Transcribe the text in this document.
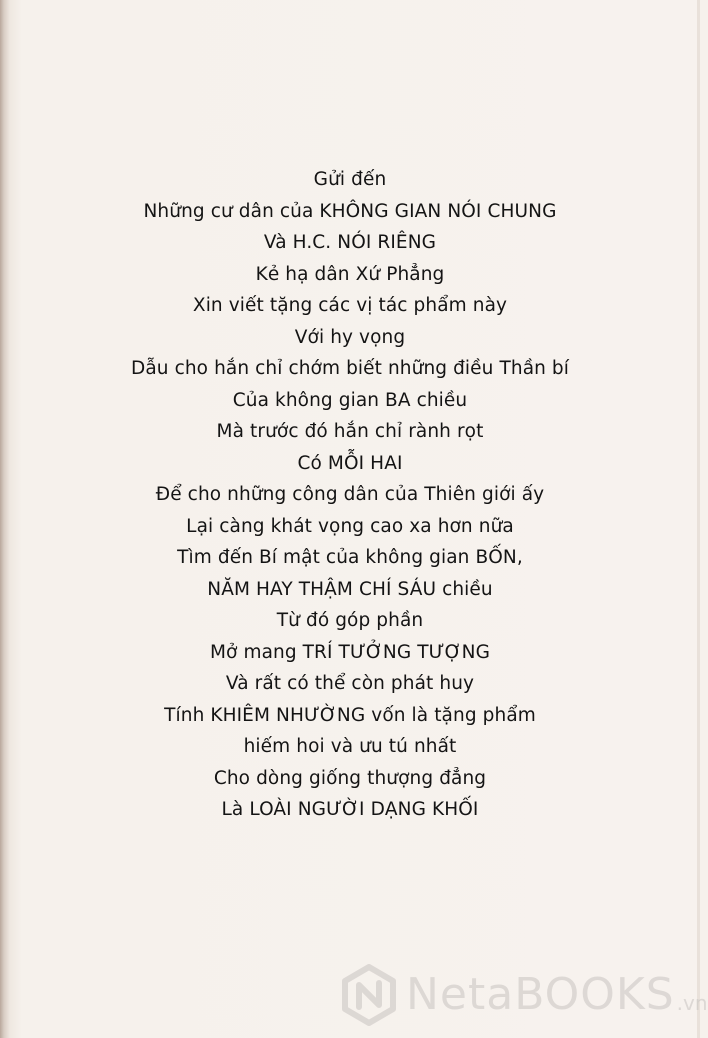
Gửi đến
Những cư dân của KHÔNG GIAN NÓI CHUNG
Và H.C. NÓI RIÊNG
Kẻ hạ dân Xứ Phẳng
Xin viết tặng các vị tác phẩm này
Với hy vọng
Dẫu cho hắn chỉ chớm biết những điều Thần bí
Của không gian BA chiều
Mà trước đó hắn chỉ rành rọt
Có MỖI HAI
Để cho những công dân của Thiên giới ấy
Lại càng khát vọng cao xa hơn nữa
Tìm đến Bí mật của không gian BỐN,
NĂM HAY THẬM CHÍ SÁU chiều
Từ đó góp phần
Mở mang TRÍ TƯỞNG TƯỢNG
Và rất có thể còn phát huy
Tính KHIÊM NHƯỜNG vốn là tặng phẩm
hiếm hoi và ưu tú nhất
Cho dòng giống thượng đẳng
Là LOÀI NGƯỜI DẠNG KHỐI
NetaBOOKS .vn
